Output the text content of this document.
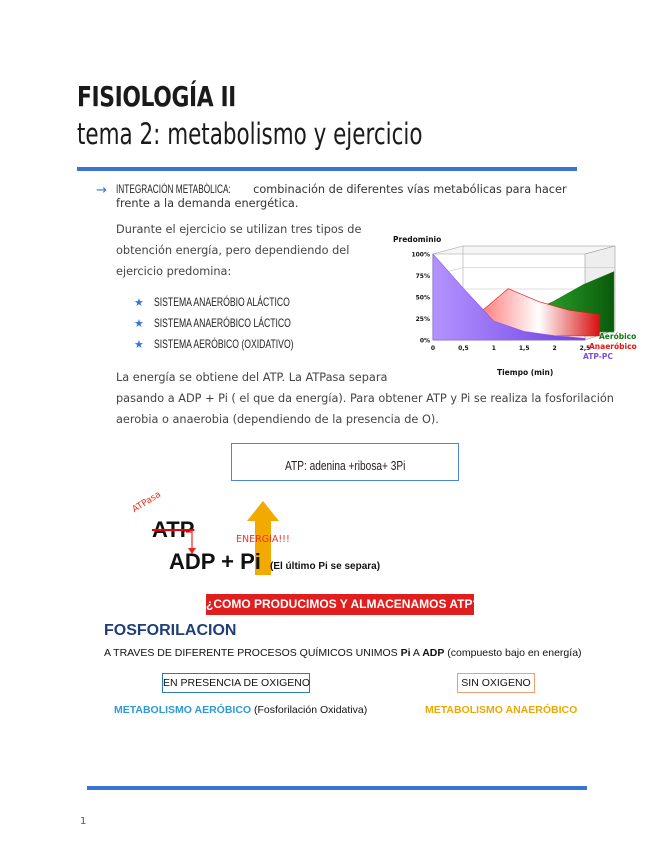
FISIOLOGÍA II
tema 2: metabolismo y ejercicio
→ INTEGRACIÓN METABÓLICA: combinación de diferentes vías metabólicas para hacer frente a la demanda energética.
Durante el ejercicio se utilizan tres tipos de
obtención energía, pero dependiendo del
ejercicio predomina:
★ SISTEMA ANAERÓBIO ALÁCTICO
★ SISTEMA ANAERÓBICO LÁCTICO
★ SISTEMA AERÓBICO (OXIDATIVO)	0%
25%
50%
75%
100%
0	0,5	1	1,5	2	2,5
Predominio
Tiempo (min)
Aeróbico
Anaeróbico
ATP-PC
La energía se obtiene del ATP. La ATPasa separa
pasando a ADP + Pi ( el que da energía). Para obtener ATP y Pi se realiza la fosforilación
aerobia o anaerobia (dependiendo de la presencia de O).
ATP: adenina +ribosa+ 3Pi
ATPasa
ATP	ENERGIA!!!
ADP + Pi (El último Pi se separa)
¿COMO PRODUCIMOS Y ALMACENAMOS ATP?
FOSFORILACION
A TRAVES DE DIFERENTE PROCESOS QUÍMICOS UNIMOS Pi A ADP (compuesto bajo en energía)
EN PRESENCIA DE OXIGENO	SIN OXIGENO
METABOLISMO AERÓBICO (Fosforilación Oxidativa)	METABOLISMO ANAERÓBICO
1
